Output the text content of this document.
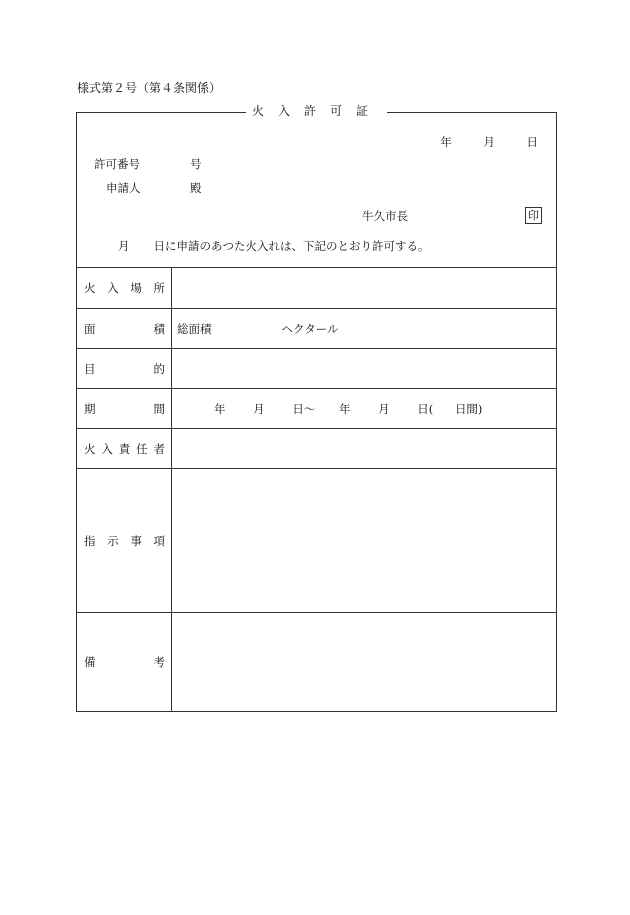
様式第２号（第４条関係）
火入許可証
年	月	日
許可番号	号
申請人	殿
牛久市長	印
月 日に申請のあつた火入れは、下記のとおり許可する。
火 入 場 所	

面 積	総面積 ヘクタール

目 的	

期 間	年 月 日～ 年 月 日( 日間)

火 入 責 任 者	

指 示 事 項	

備 考	
